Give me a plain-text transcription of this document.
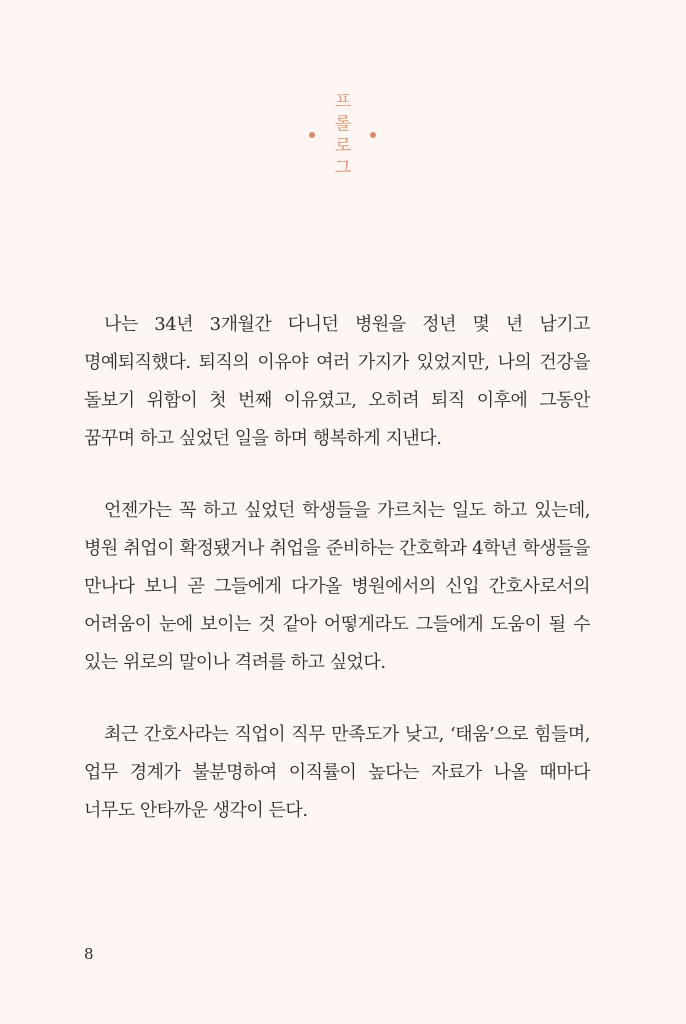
프
롤
로
그

나는 34년 3개월간 다니던 병원을 정년 몇 년 남기고 명예퇴직했다. 퇴직의 이유야 여러 가지가 있었지만, 나의 건강을 돌보기 위함이 첫 번째 이유였고, 오히려 퇴직 이후에 그동안 꿈꾸며 하고 싶었던 일을 하며 행복하게 지낸다.

언젠가는 꼭 하고 싶었던 학생들을 가르치는 일도 하고 있는데, 병원 취업이 확정됐거나 취업을 준비하는 간호학과 4학년 학생들을 만나다 보니 곧 그들에게 다가올 병원에서의 신입 간호사로서의 어려움이 눈에 보이는 것 같아 어떻게라도 그들에게 도움이 될 수 있는 위로의 말이나 격려를 하고 싶었다.

최근 간호사라는 직업이 직무 만족도가 낮고, ‘태움’으로 힘들며, 업무 경계가 불분명하여 이직률이 높다는 자료가 나올 때마다 너무도 안타까운 생각이 든다.

8
